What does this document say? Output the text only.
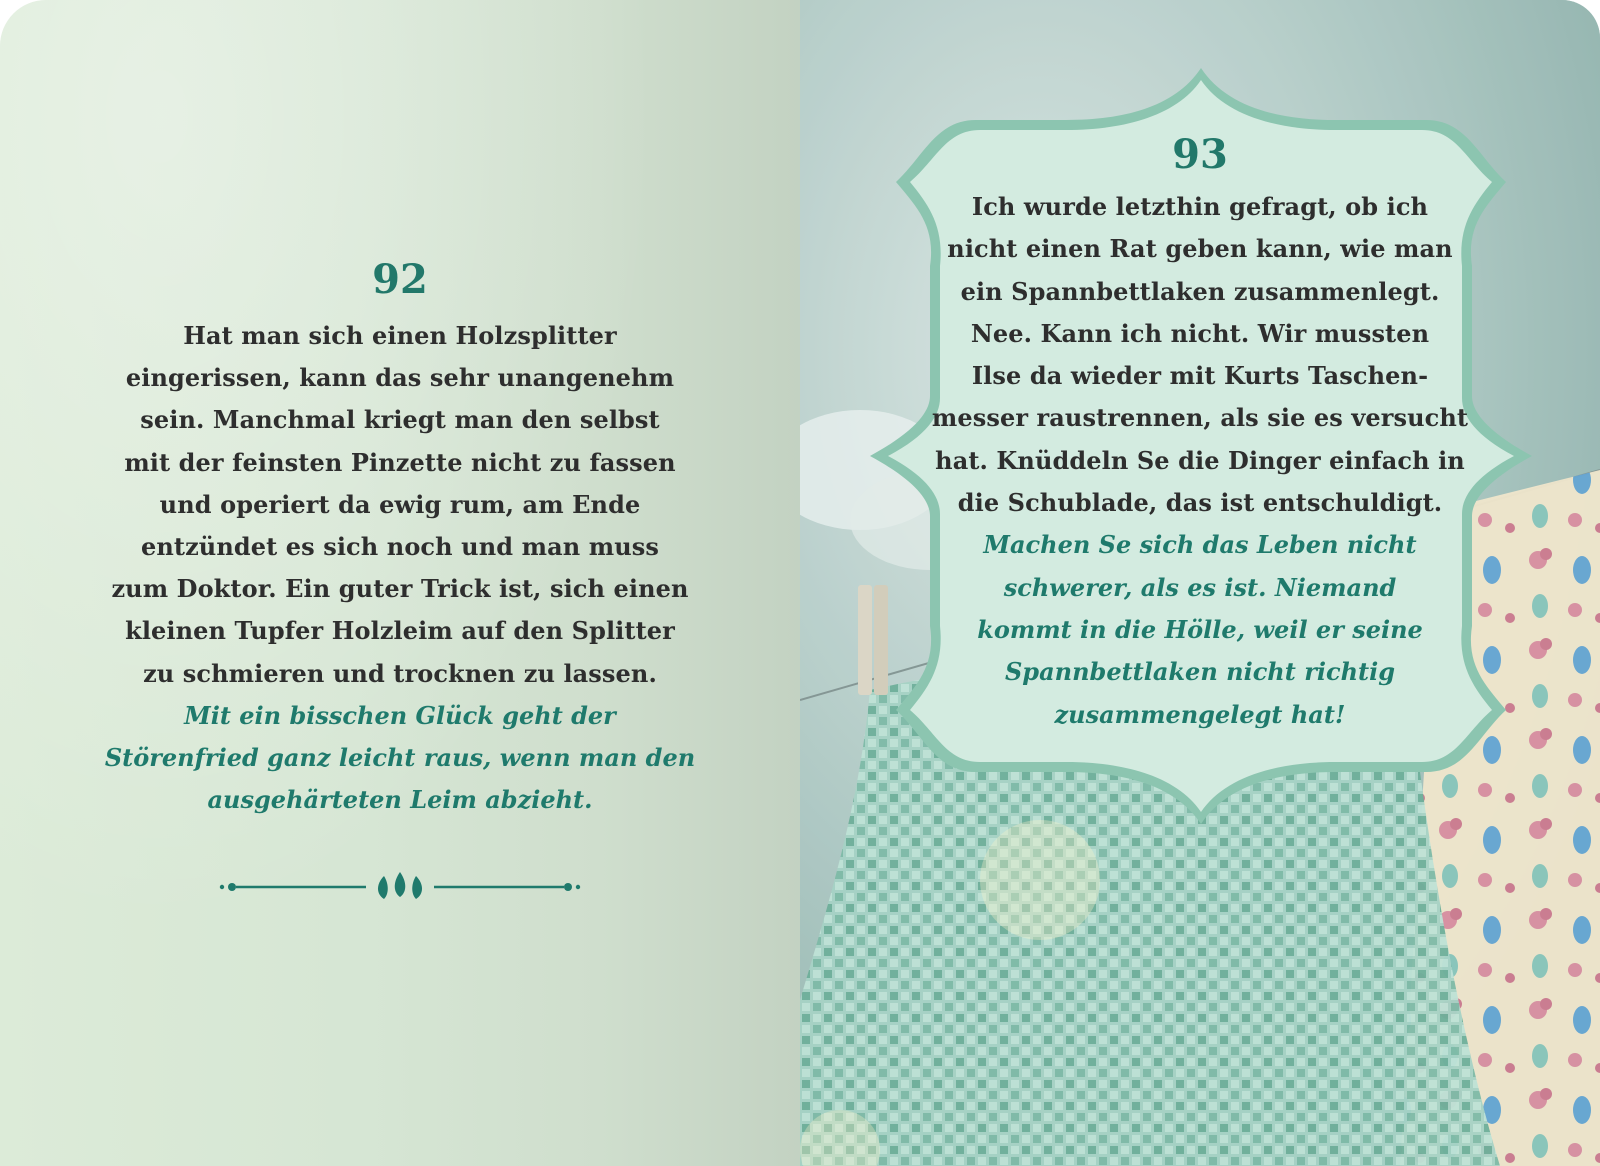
92

Hat man sich einen Holzsplitter
eingerissen, kann das sehr unangenehm
sein. Manchmal kriegt man den selbst
mit der feinsten Pinzette nicht zu fassen
und operiert da ewig rum, am Ende
entzündet es sich noch und man muss
zum Doktor. Ein guter Trick ist, sich einen
kleinen Tupfer Holzleim auf den Splitter
zu schmieren und trocknen zu lassen.

Mit ein bisschen Glück geht der
Störenfried ganz leicht raus, wenn man den
ausgehärteten Leim abzieht.

93

Ich wurde letzthin gefragt, ob ich
nicht einen Rat geben kann, wie man
ein Spannbettlaken zusammenlegt.
Nee. Kann ich nicht. Wir mussten
Ilse da wieder mit Kurts Taschen-
messer raustrennen, als sie es versucht
hat. Knüddeln Se die Dinger einfach in
die Schublade, das ist entschuldigt.

Machen Se sich das Leben nicht
schwerer, als es ist. Niemand
kommt in die Hölle, weil er seine
Spannbettlaken nicht richtig
zusammengelegt hat!
